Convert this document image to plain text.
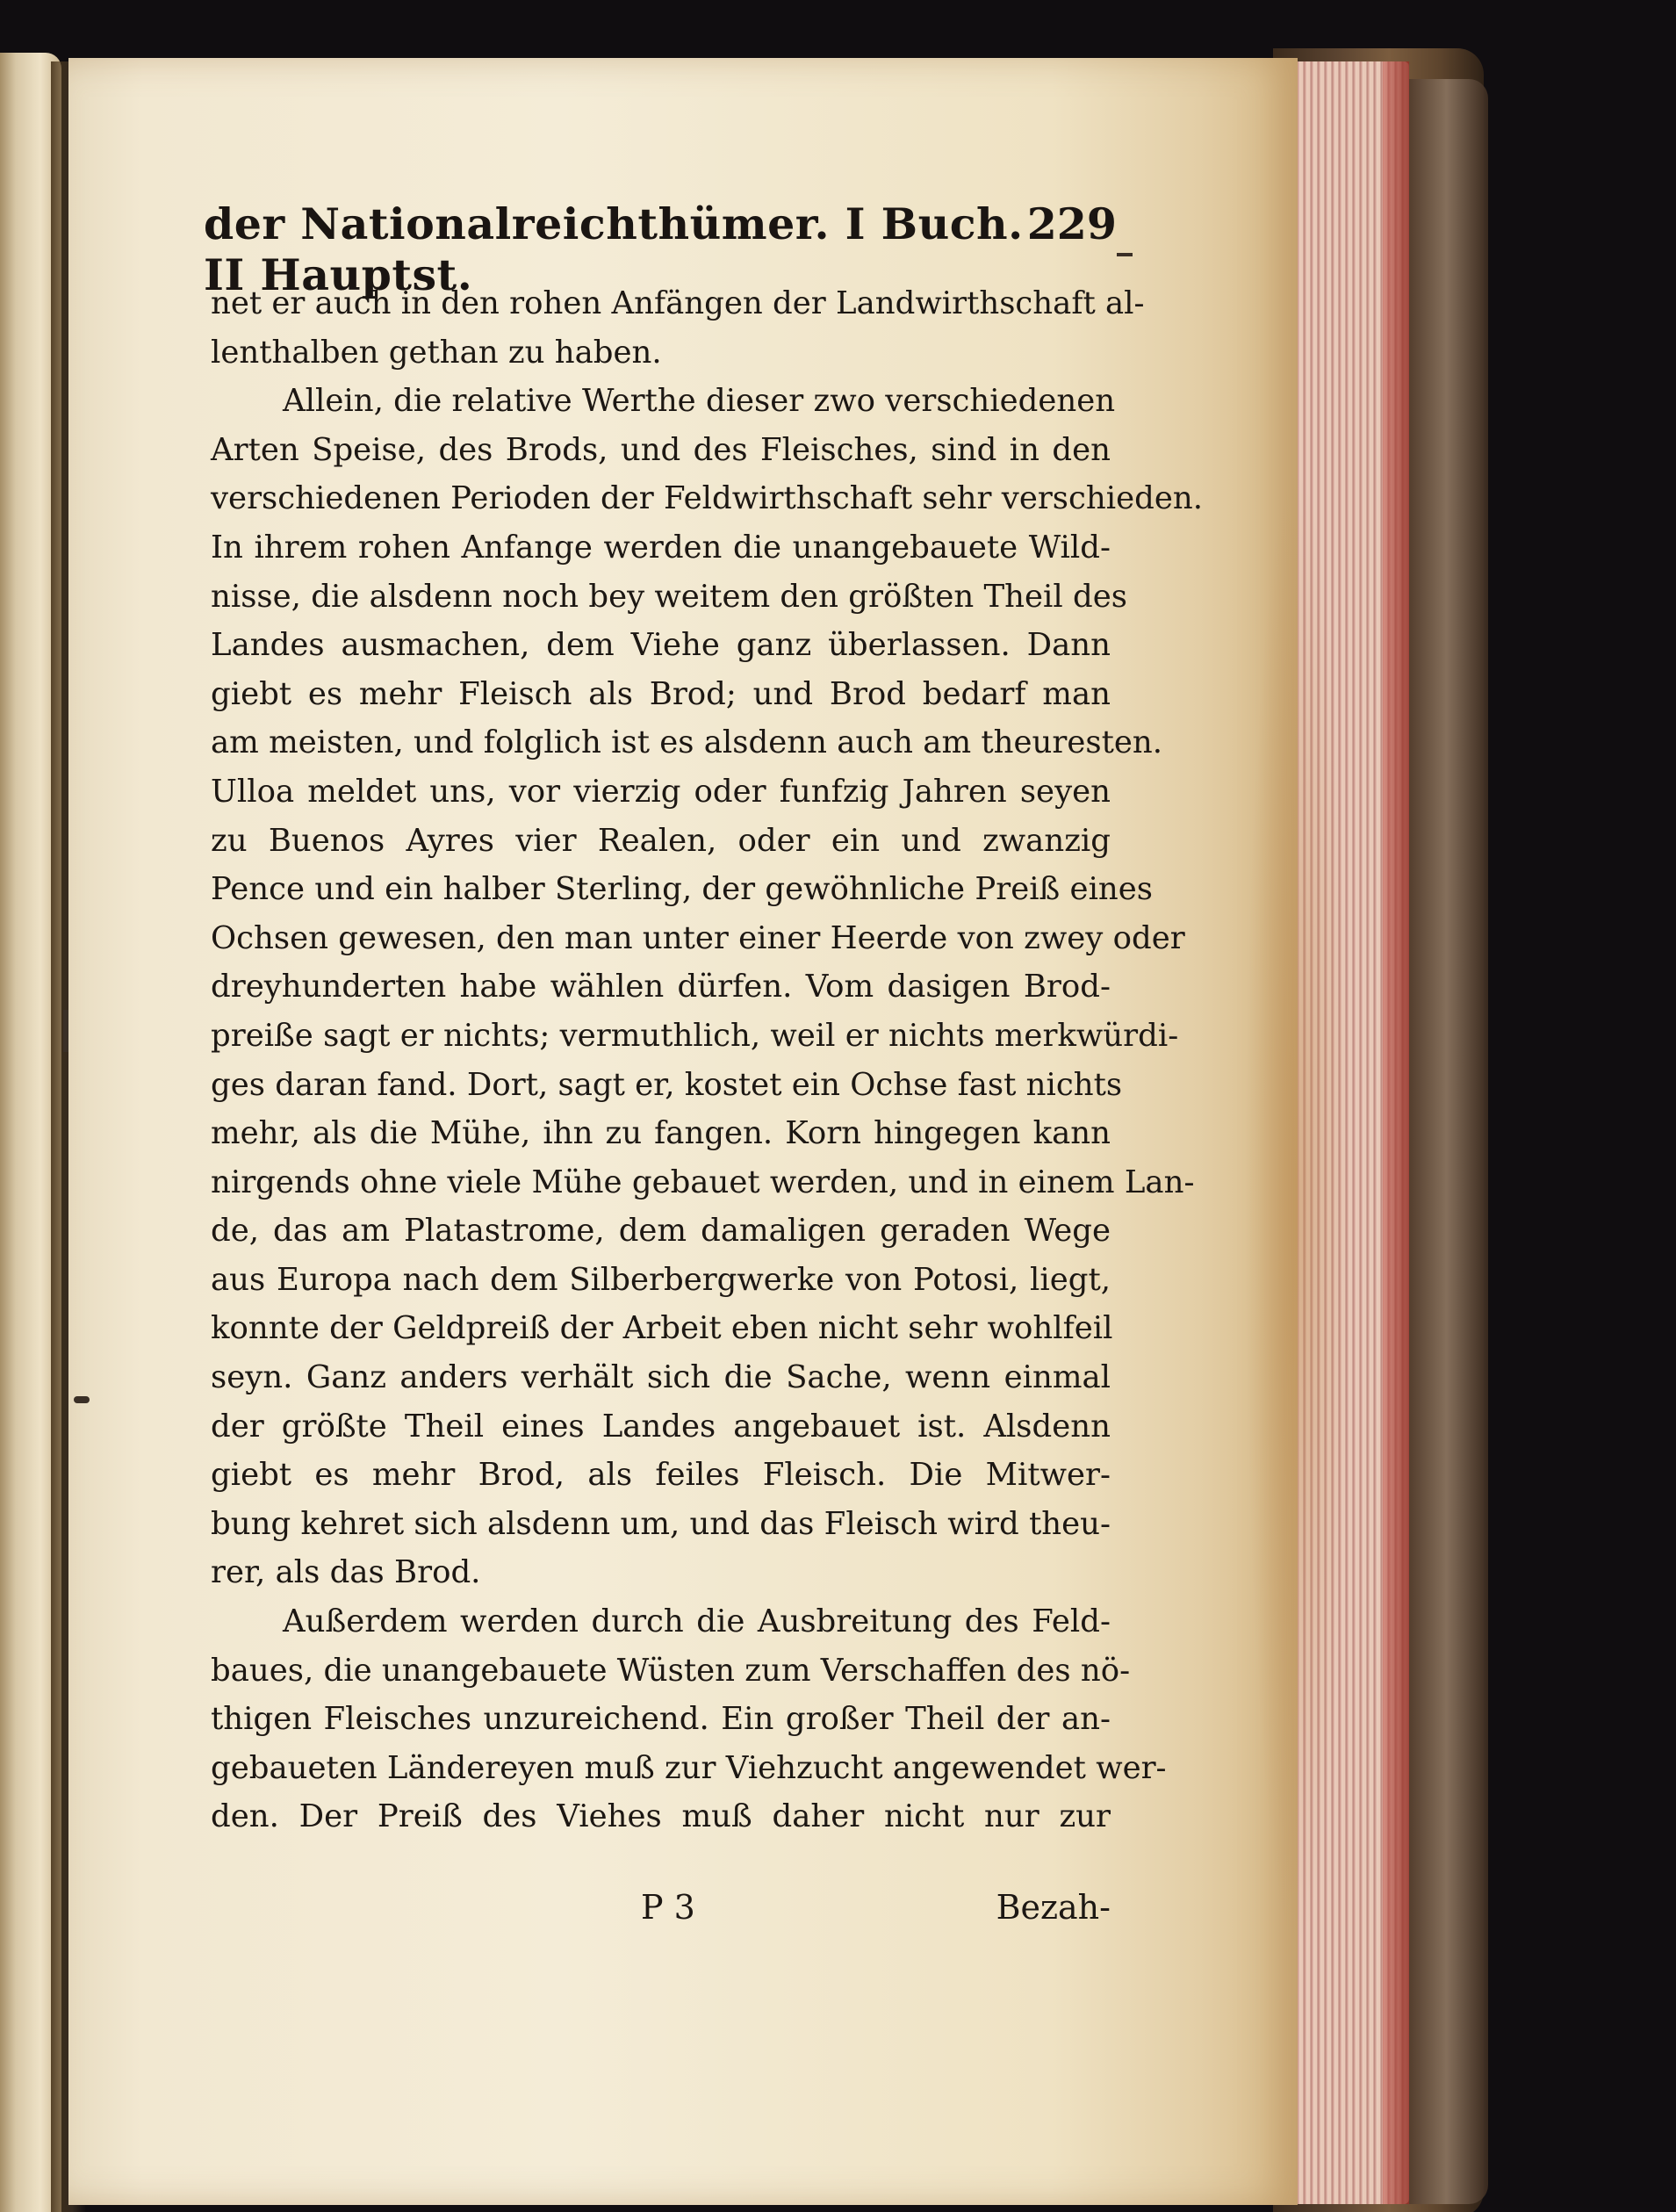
der Nationalreichthümer. I Buch. II Hauptst.
229
net er auch in den rohen Anfängen der Landwirthschaft al-
lenthalben gethan zu haben.
Allein, die relative Werthe dieser zwo verschiedenen
Arten Speise, des Brods, und des Fleisches, sind in den
verschiedenen Perioden der Feldwirthschaft sehr verschieden.
In ihrem rohen Anfange werden die unangebauete Wild-
nisse, die alsdenn noch bey weitem den größten Theil des
Landes ausmachen, dem Viehe ganz überlassen. Dann
giebt es mehr Fleisch als Brod; und Brod bedarf man
am meisten, und folglich ist es alsdenn auch am theuresten.
Ulloa meldet uns, vor vierzig oder funfzig Jahren seyen
zu Buenos Ayres vier Realen, oder ein und zwanzig
Pence und ein halber Sterling, der gewöhnliche Preiß eines
Ochsen gewesen, den man unter einer Heerde von zwey oder
dreyhunderten habe wählen dürfen. Vom dasigen Brod-
preiße sagt er nichts; vermuthlich, weil er nichts merkwürdi-
ges daran fand. Dort, sagt er, kostet ein Ochse fast nichts
mehr, als die Mühe, ihn zu fangen. Korn hingegen kann
nirgends ohne viele Mühe gebauet werden, und in einem Lan-
de, das am Platastrome, dem damaligen geraden Wege
aus Europa nach dem Silberbergwerke von Potosi, liegt,
konnte der Geldpreiß der Arbeit eben nicht sehr wohlfeil
seyn. Ganz anders verhält sich die Sache, wenn einmal
der größte Theil eines Landes angebauet ist. Alsdenn
giebt es mehr Brod, als feiles Fleisch. Die Mitwer-
bung kehret sich alsdenn um, und das Fleisch wird theu-
rer, als das Brod.
Außerdem werden durch die Ausbreitung des Feld-
baues, die unangebauete Wüsten zum Verschaffen des nö-
thigen Fleisches unzureichend. Ein großer Theil der an-
gebaueten Ländereyen muß zur Viehzucht angewendet wer-
den. Der Preiß des Viehes muß daher nicht nur zur
P 3	Bezah-
